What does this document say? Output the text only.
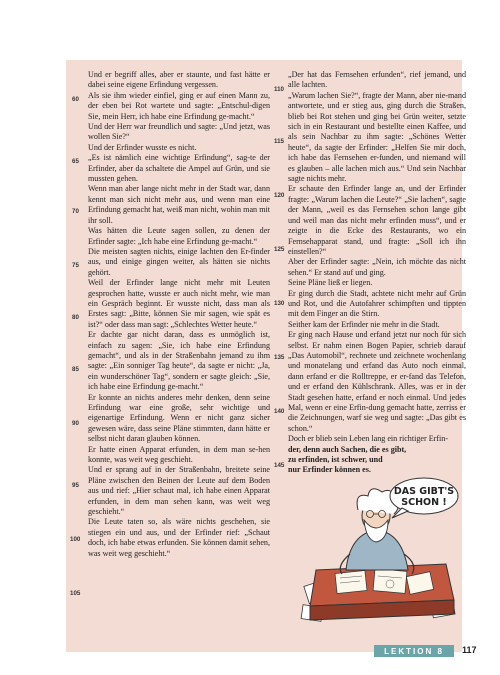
Und er begriff alles, aber er staunte, und fast hätte er dabei seine eigene Erfindung vergessen.

Als sie ihm wieder einfiel, ging er auf einen Mann zu, der eben bei Rot wartete und sagte: „Entschul-digen Sie, mein Herr, ich habe eine Erfindung ge-macht.“

Und der Herr war freundlich und sagte: „Und jetzt, was wollen Sie?“

Und der Erfinder wusste es nicht.

„Es ist nämlich eine wichtige Erfindung“, sag-te der Erfinder, aber da schaltete die Ampel auf Grün, und sie mussten gehen.

Wenn man aber lange nicht mehr in der Stadt war, dann kennt man sich nicht mehr aus, und wenn man eine Erfindung gemacht hat, weiß man nicht, wohin man mit ihr soll.

Was hätten die Leute sagen sollen, zu denen der Erfinder sagte: „Ich habe eine Erfindung ge-macht.“

Die meisten sagten nichts, einige lachten den Er-finder aus, und einige gingen weiter, als hätten sie nichts gehört.

Weil der Erfinder lange nicht mehr mit Leuten gesprochen hatte, wusste er auch nicht mehr, wie man ein Gespräch beginnt. Er wusste nicht, dass man als Erstes sagt: „Bitte, können Sie mir sagen, wie spät es ist?“ oder dass man sagt: „Schlechtes Wetter heute.“

Er dachte gar nicht daran, dass es unmöglich ist, einfach zu sagen: „Sie, ich habe eine Erfindung gemacht“, und als in der Straßenbahn jemand zu ihm sagte: „Ein sonniger Tag heute“, da sagte er nicht: „Ja, ein wunderschöner Tag“, sondern er sagte gleich: „Sie, ich habe eine Erfindung ge-macht.“

Er konnte an nichts anderes mehr denken, denn seine Erfindung war eine große, sehr wichtige und eigenartige Erfindung. Wenn er nicht ganz sicher gewesen wäre, dass seine Pläne stimmten, dann hätte er selbst nicht daran glauben können.

Er hatte einen Apparat erfunden, in dem man se-hen konnte, was weit weg geschieht.

Und er sprang auf in der Straßenbahn, breitete seine Pläne zwischen den Beinen der Leute auf dem Boden aus und rief: „Hier schaut mal, ich habe einen Apparat erfunden, in dem man sehen kann, was weit weg geschieht.“

Die Leute taten so, als wäre nichts geschehen, sie stiegen ein und aus, und der Erfinder rief: „Schaut doch, ich habe etwas erfunden. Sie können damit sehen, was weit weg geschieht.“

60
65
70
75
80
85
90
95
100
105

„Der hat das Fernsehen erfunden“, rief jemand, und alle lachten.

„Warum lachen Sie?“, fragte der Mann, aber nie-mand antwortete, und er stieg aus, ging durch die Straßen, blieb bei Rot stehen und ging bei Grün weiter, setzte sich in ein Restaurant und bestellte einen Kaffee, und als sein Nachbar zu ihm sagte: „Schönes Wetter heute“, da sagte der Erfinder: „Helfen Sie mir doch, ich habe das Fernsehen er-funden, und niemand will es glauben – alle lachen mich aus.“ Und sein Nachbar sagte nichts mehr.

Er schaute den Erfinder lange an, und der Erfinder fragte: „Warum lachen die Leute?“ „Sie lachen“, sagte der Mann, „weil es das Fernsehen schon lange gibt und weil man das nicht mehr erfinden muss“, und er zeigte in die Ecke des Restaurants, wo ein Fernsehapparat stand, und fragte: „Soll ich ihn einstellen?“

Aber der Erfinder sagte: „Nein, ich möchte das nicht sehen.“ Er stand auf und ging.

Seine Pläne ließ er liegen.

Er ging durch die Stadt, achtete nicht mehr auf Grün und Rot, und die Autofahrer schimpften und tippten mit dem Finger an die Stirn.

Seither kam der Erfinder nie mehr in die Stadt.

Er ging nach Hause und erfand jetzt nur noch für sich selbst. Er nahm einen Bogen Papier, schrieb darauf „Das Automobil“, rechnete und zeichnete wochenlang und monatelang und erfand das Auto noch einmal, dann erfand er die Rolltreppe, er er-fand das Telefon, und er erfand den Kühlschrank. Alles, was er in der Stadt gesehen hatte, erfand er noch einmal. Und jedes Mal, wenn er eine Erfin-dung gemacht hatte, zerriss er die Zeichnungen, warf sie weg und sagte: „Das gibt es schon.“

Doch er blieb sein Leben lang ein richtiger Erfin-

der, denn auch Sachen, die es gibt,

zu erfinden, ist schwer, und

nur Erfinder können es.

110
115
120
125
130
135
140
145
DAS GIBT'S
SCHON !
LEKTION 8	117
